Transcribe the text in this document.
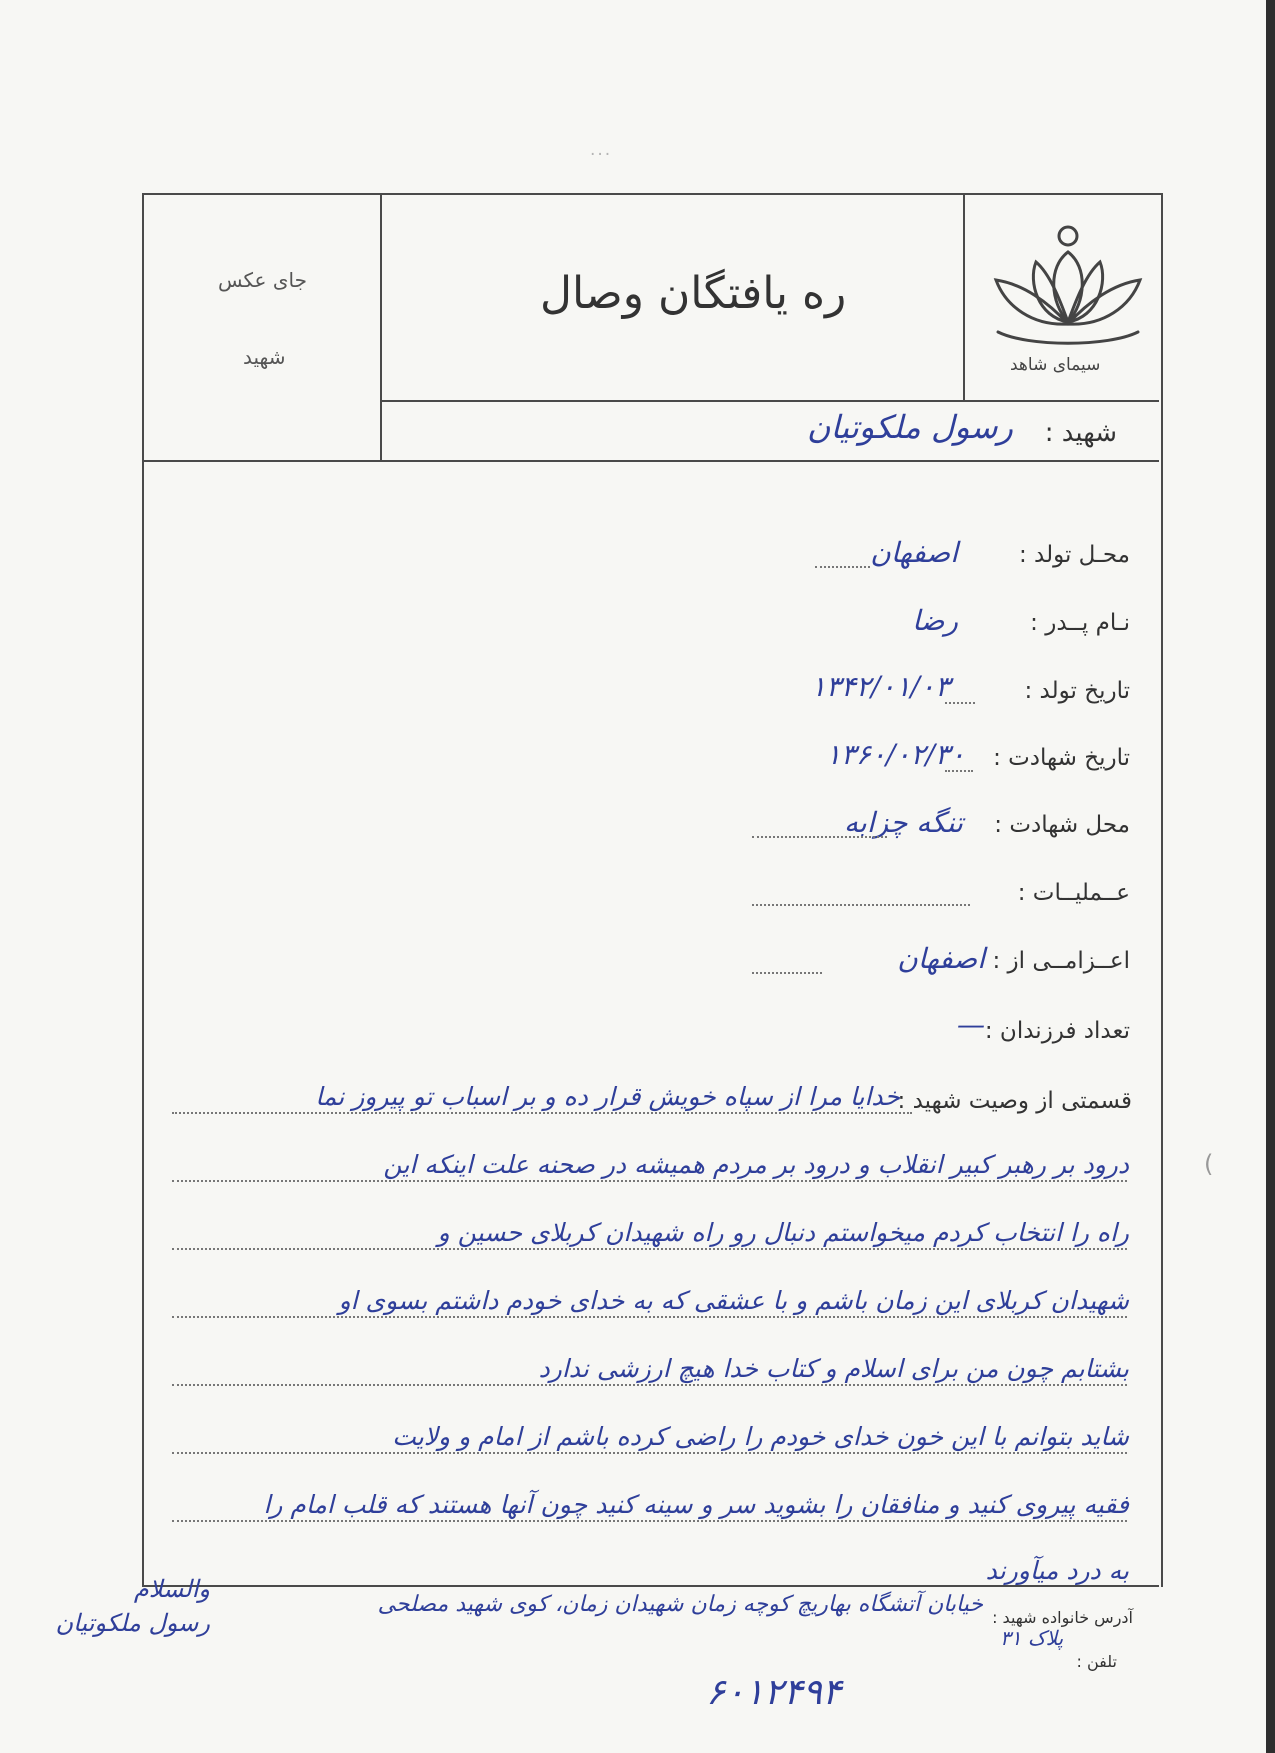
...
جای عکس
شهید
ره یافتگان وصال
سیمای شاهد
شهید :
رسول ملکوتیان
محـل تولد :
اصفهان
نـام پــدر :
رضا
تاریخ تولد :
۱۳۴۲/۰۱/۰۳
تاریخ شهادت :
۱۳۶۰/۰۲/۳۰
محل شهادت :
تنگه چزابه
عــمليــات :
اعــزامــی از :
اصفهان
تعداد فرزندان :
—
قسمتی از وصیت شهید :
خدایا مرا از سپاه خویش قرار ده و بر اسباب تو پیروز نما
درود بر رهبر کبیر انقلاب و درود بر مردم همیشه در صحنه علت اینکه این
راه را انتخاب کردم میخواستم دنبال رو راه شهیدان کربلای حسین و
شهیدان کربلای این زمان باشم و با عشقی که به خدای خودم داشتم بسوی او
بشتابم چون من برای اسلام و کتاب خدا هیچ ارزشی ندارد
شاید بتوانم با این خون خدای خودم را راضی کرده باشم از امام و ولایت
فقیه پیروی کنید و منافقان را بشوید سر و سینه کنید چون آنها هستند که قلب امام را
به درد میآورند
(
والسلام
رسول ملکوتیان	آدرس خانواده شهید :
خیابان آتشگاه بهاریچ کوچه زمان شهیدان زمان، کوی شهید مصلحی
پلاک ۳۱
تلفن :
۶۰۱۲۴۹۴
